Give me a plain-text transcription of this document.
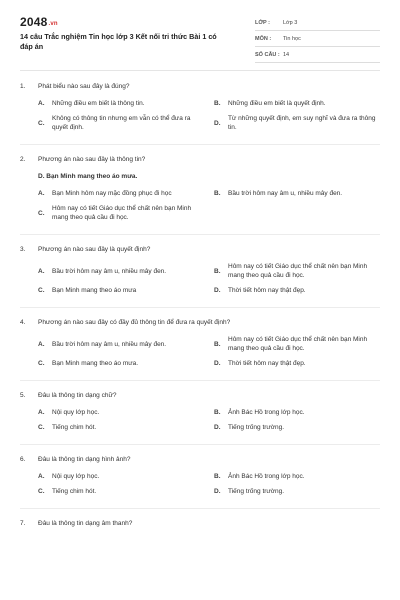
2048.vn
14 câu Trắc nghiệm Tin học lớp 3 Kết nối tri thức Bài 1 có đáp án
LỚP :	Lớp 3
MÔN :	Tin học
SỐ CÂU : 14
1.	Phát biểu nào sau đây là đúng?
A.	Những điều em biết là thông tin.	B.	Những điều em biết là quyết định.
C.
Không có thông tin nhưng em vẫn có thể đưa ra quyết định.
D.
Từ những quyết định, em suy nghĩ và đưa ra thông tin.
2.	Phương án nào sau đây là thông tin?
D. Bạn Minh mang theo áo mưa.
A.	Bạn Minh hôm nay mặc đồng phục đi học	B.	Bầu trời hôm nay âm u, nhiều mây đen.
C.
Hôm nay có tiết Giáo dục thể chất nên bạn Minh mang theo quả cầu đi học.
3.	Phương án nào sau đây là quyết định?
A.	Bầu trời hôm nay âm u, nhiều mây đen.	B.
Hôm nay có tiết Giáo dục thể chất nên bạn Minh mang theo quả cầu đi học.
C.	Bạn Minh mang theo áo mưa	D.	Thời tiết hôm nay thật đẹp.
4.	Phương án nào sau đây có đầy đủ thông tin để đưa ra quyết định?
A.	Bầu trời hôm nay âm u, nhiều mây đen.	B.
Hôm nay có tiết Giáo dục thể chất nên bạn Minh mang theo quả cầu đi học.
C.	Bạn Minh mang theo áo mưa.	D.	Thời tiết hôm nay thật đẹp.
5.	Đâu là thông tin dạng chữ?
A.	Nội quy lớp học.	B.	Ảnh Bác Hồ trong lớp học.
C.	Tiếng chim hót.	D.	Tiếng trống trường.
6.	Đâu là thông tin dạng hình ảnh?
A.	Nội quy lớp học.	B.	Ảnh Bác Hồ trong lớp học.
C.	Tiếng chim hót.	D.	Tiếng trống trường.
7.	Đâu là thông tin dạng âm thanh?
